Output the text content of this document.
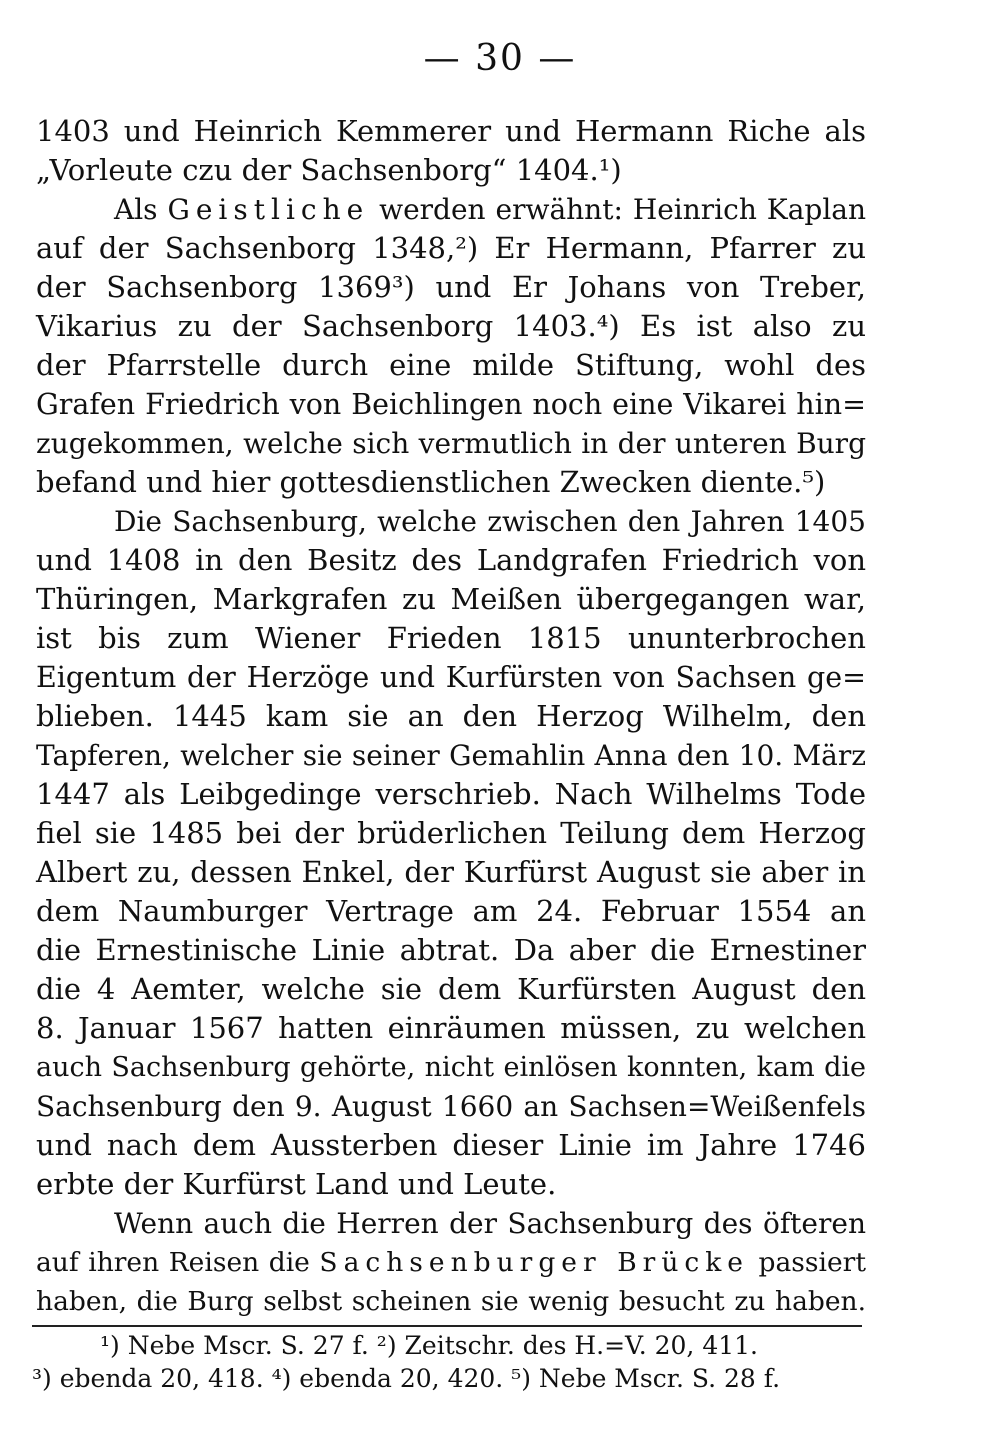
— 30 —
1403 und Heinrich Kemmerer und Hermann Riche als
„Vorleute czu der Sachsenborg“ 1404.¹)
Als Geistliche werden erwähnt: Heinrich Kaplan
auf der Sachsenborg 1348,²) Er Hermann, Pfarrer zu
der Sachsenborg 1369³) und Er Johans von Treber,
Vikarius zu der Sachsenborg 1403.⁴) Es ist also zu
der Pfarrstelle durch eine milde Stiftung, wohl des
Grafen Friedrich von Beichlingen noch eine Vikarei hin=
zugekommen, welche sich vermutlich in der unteren Burg
befand und hier gottesdienstlichen Zwecken diente.⁵)
Die Sachsenburg, welche zwischen den Jahren 1405
und 1408 in den Besitz des Landgrafen Friedrich von
Thüringen, Markgrafen zu Meißen übergegangen war,
ist bis zum Wiener Frieden 1815 ununterbrochen
Eigentum der Herzöge und Kurfürsten von Sachsen ge=
blieben. 1445 kam sie an den Herzog Wilhelm, den
Tapferen, welcher sie seiner Gemahlin Anna den 10. März
1447 als Leibgedinge verschrieb. Nach Wilhelms Tode
fiel sie 1485 bei der brüderlichen Teilung dem Herzog
Albert zu, dessen Enkel, der Kurfürst August sie aber in
dem Naumburger Vertrage am 24. Februar 1554 an
die Ernestinische Linie abtrat. Da aber die Ernestiner
die 4 Aemter, welche sie dem Kurfürsten August den
8. Januar 1567 hatten einräumen müssen, zu welchen
auch Sachsenburg gehörte, nicht einlösen konnten, kam die
Sachsenburg den 9. August 1660 an Sachsen=Weißenfels
und nach dem Aussterben dieser Linie im Jahre 1746
erbte der Kurfürst Land und Leute.
Wenn auch die Herren der Sachsenburg des öfteren
auf ihren Reisen die Sachsenburger Brücke passiert
haben, die Burg selbst scheinen sie wenig besucht zu haben.
¹) Nebe Mscr. S. 27 f. ²) Zeitschr. des H.=V. 20, 411.
³) ebenda 20, 418. ⁴) ebenda 20, 420. ⁵) Nebe Mscr. S. 28 f.
